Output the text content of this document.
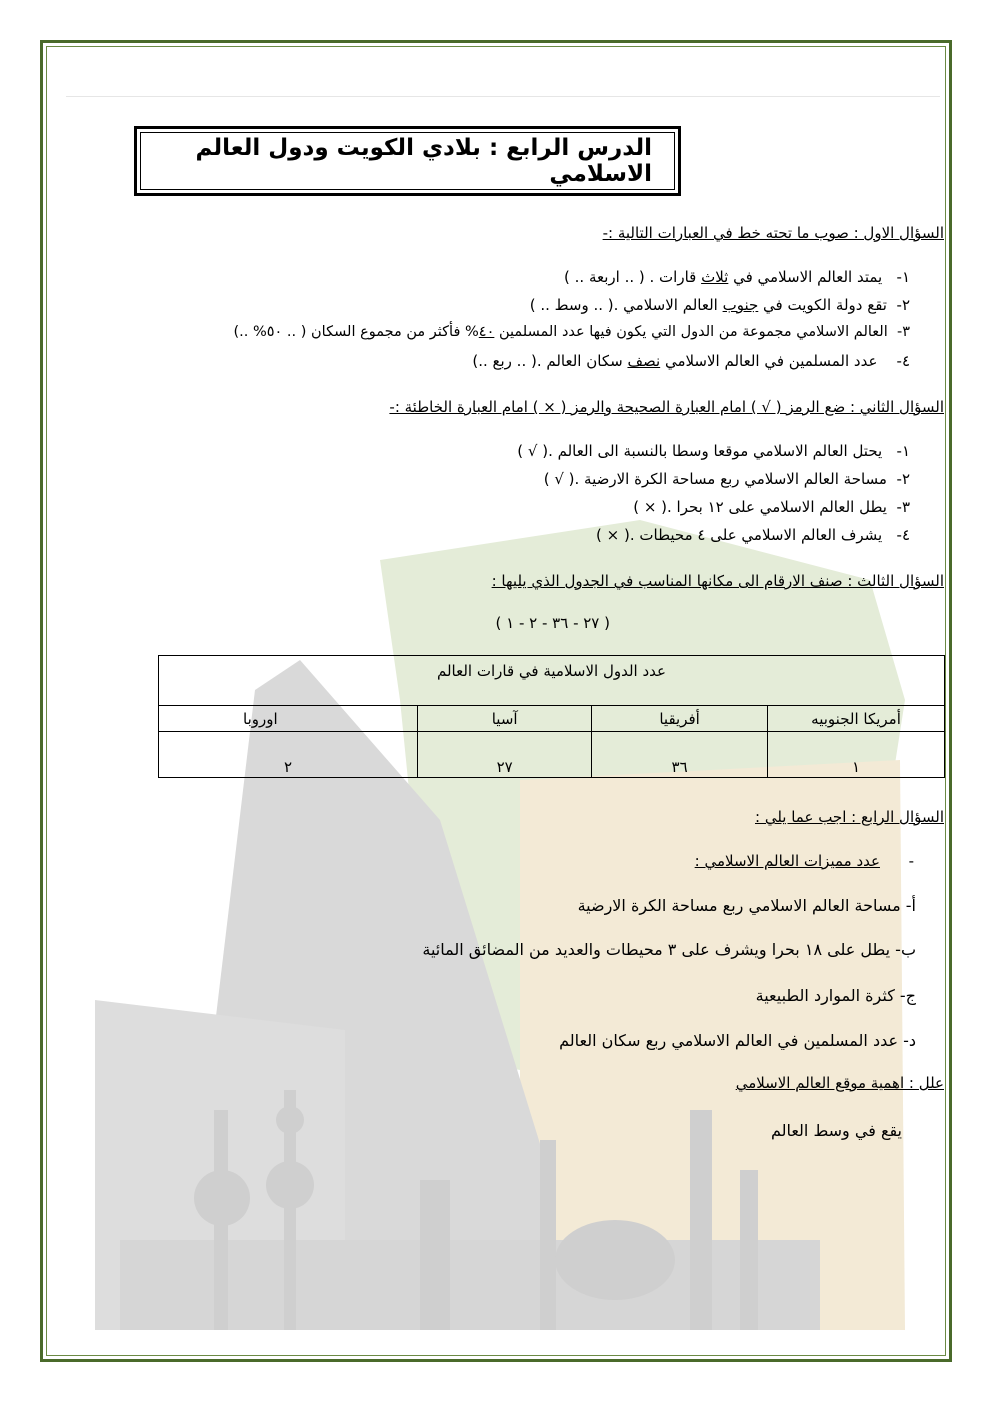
الدرس الرابع : بلادي الكويت ودول العالم الاسلامي
السؤال الاول : صوب ما تحته خط في العبارات التالية :-
١-   يمتد العالم الاسلامي في ثلاث قارات . ( .. اربعة .. )
٢-  تقع دولة الكويت في جنوب العالم الاسلامي .( .. وسط .. )
٣-  العالم الاسلامي مجموعة من الدول التي يكون فيها عدد المسلمين ٤٠% فأكثر من مجموع السكان ( .. ٥٠% ..)
٤-    عدد المسلمين في العالم الاسلامي نصف سكان العالم .( .. ربع ..)
السؤال الثاني : ضع الرمز ( √ ) امام العبارة الصحيحة والرمز ( × ) امام العبارة الخاطئة :-
١-   يحتل العالم الاسلامي موقعا وسطا بالنسبة الى العالم .( √ )
٢-  مساحة العالم الاسلامي ربع مساحة الكرة الارضية .( √ )
٣-  يطل العالم الاسلامي على ١٢ بحرا .( × )
٤-   يشرف العالم الاسلامي على ٤ محيطات .( × )
السؤال الثالث : صنف الارقام الى مكانها المناسب في الجدول الذي يليها :
( ٢٧ - ٣٦ - ٢ - ١ )
عدد الدول الاسلامية في قارات العالم			
اوروبا	آسيا	أفريقيا	أمريكا الجنوبيه
٢	٢٧	٣٦	١
السؤال الرابع : اجب عما يلي :
-      عدد مميزات العالم الاسلامي :
أ- مساحة العالم الاسلامي ربع مساحة الكرة الارضية
ب- يطل على ١٨ بحرا ويشرف على ٣ محيطات والعديد من المضائق المائية
ج- كثرة الموارد الطبيعية
د- عدد المسلمين في العالم الاسلامي ربع سكان العالم
علل : اهمية موقع العالم الاسلامي
يقع في وسط العالم
